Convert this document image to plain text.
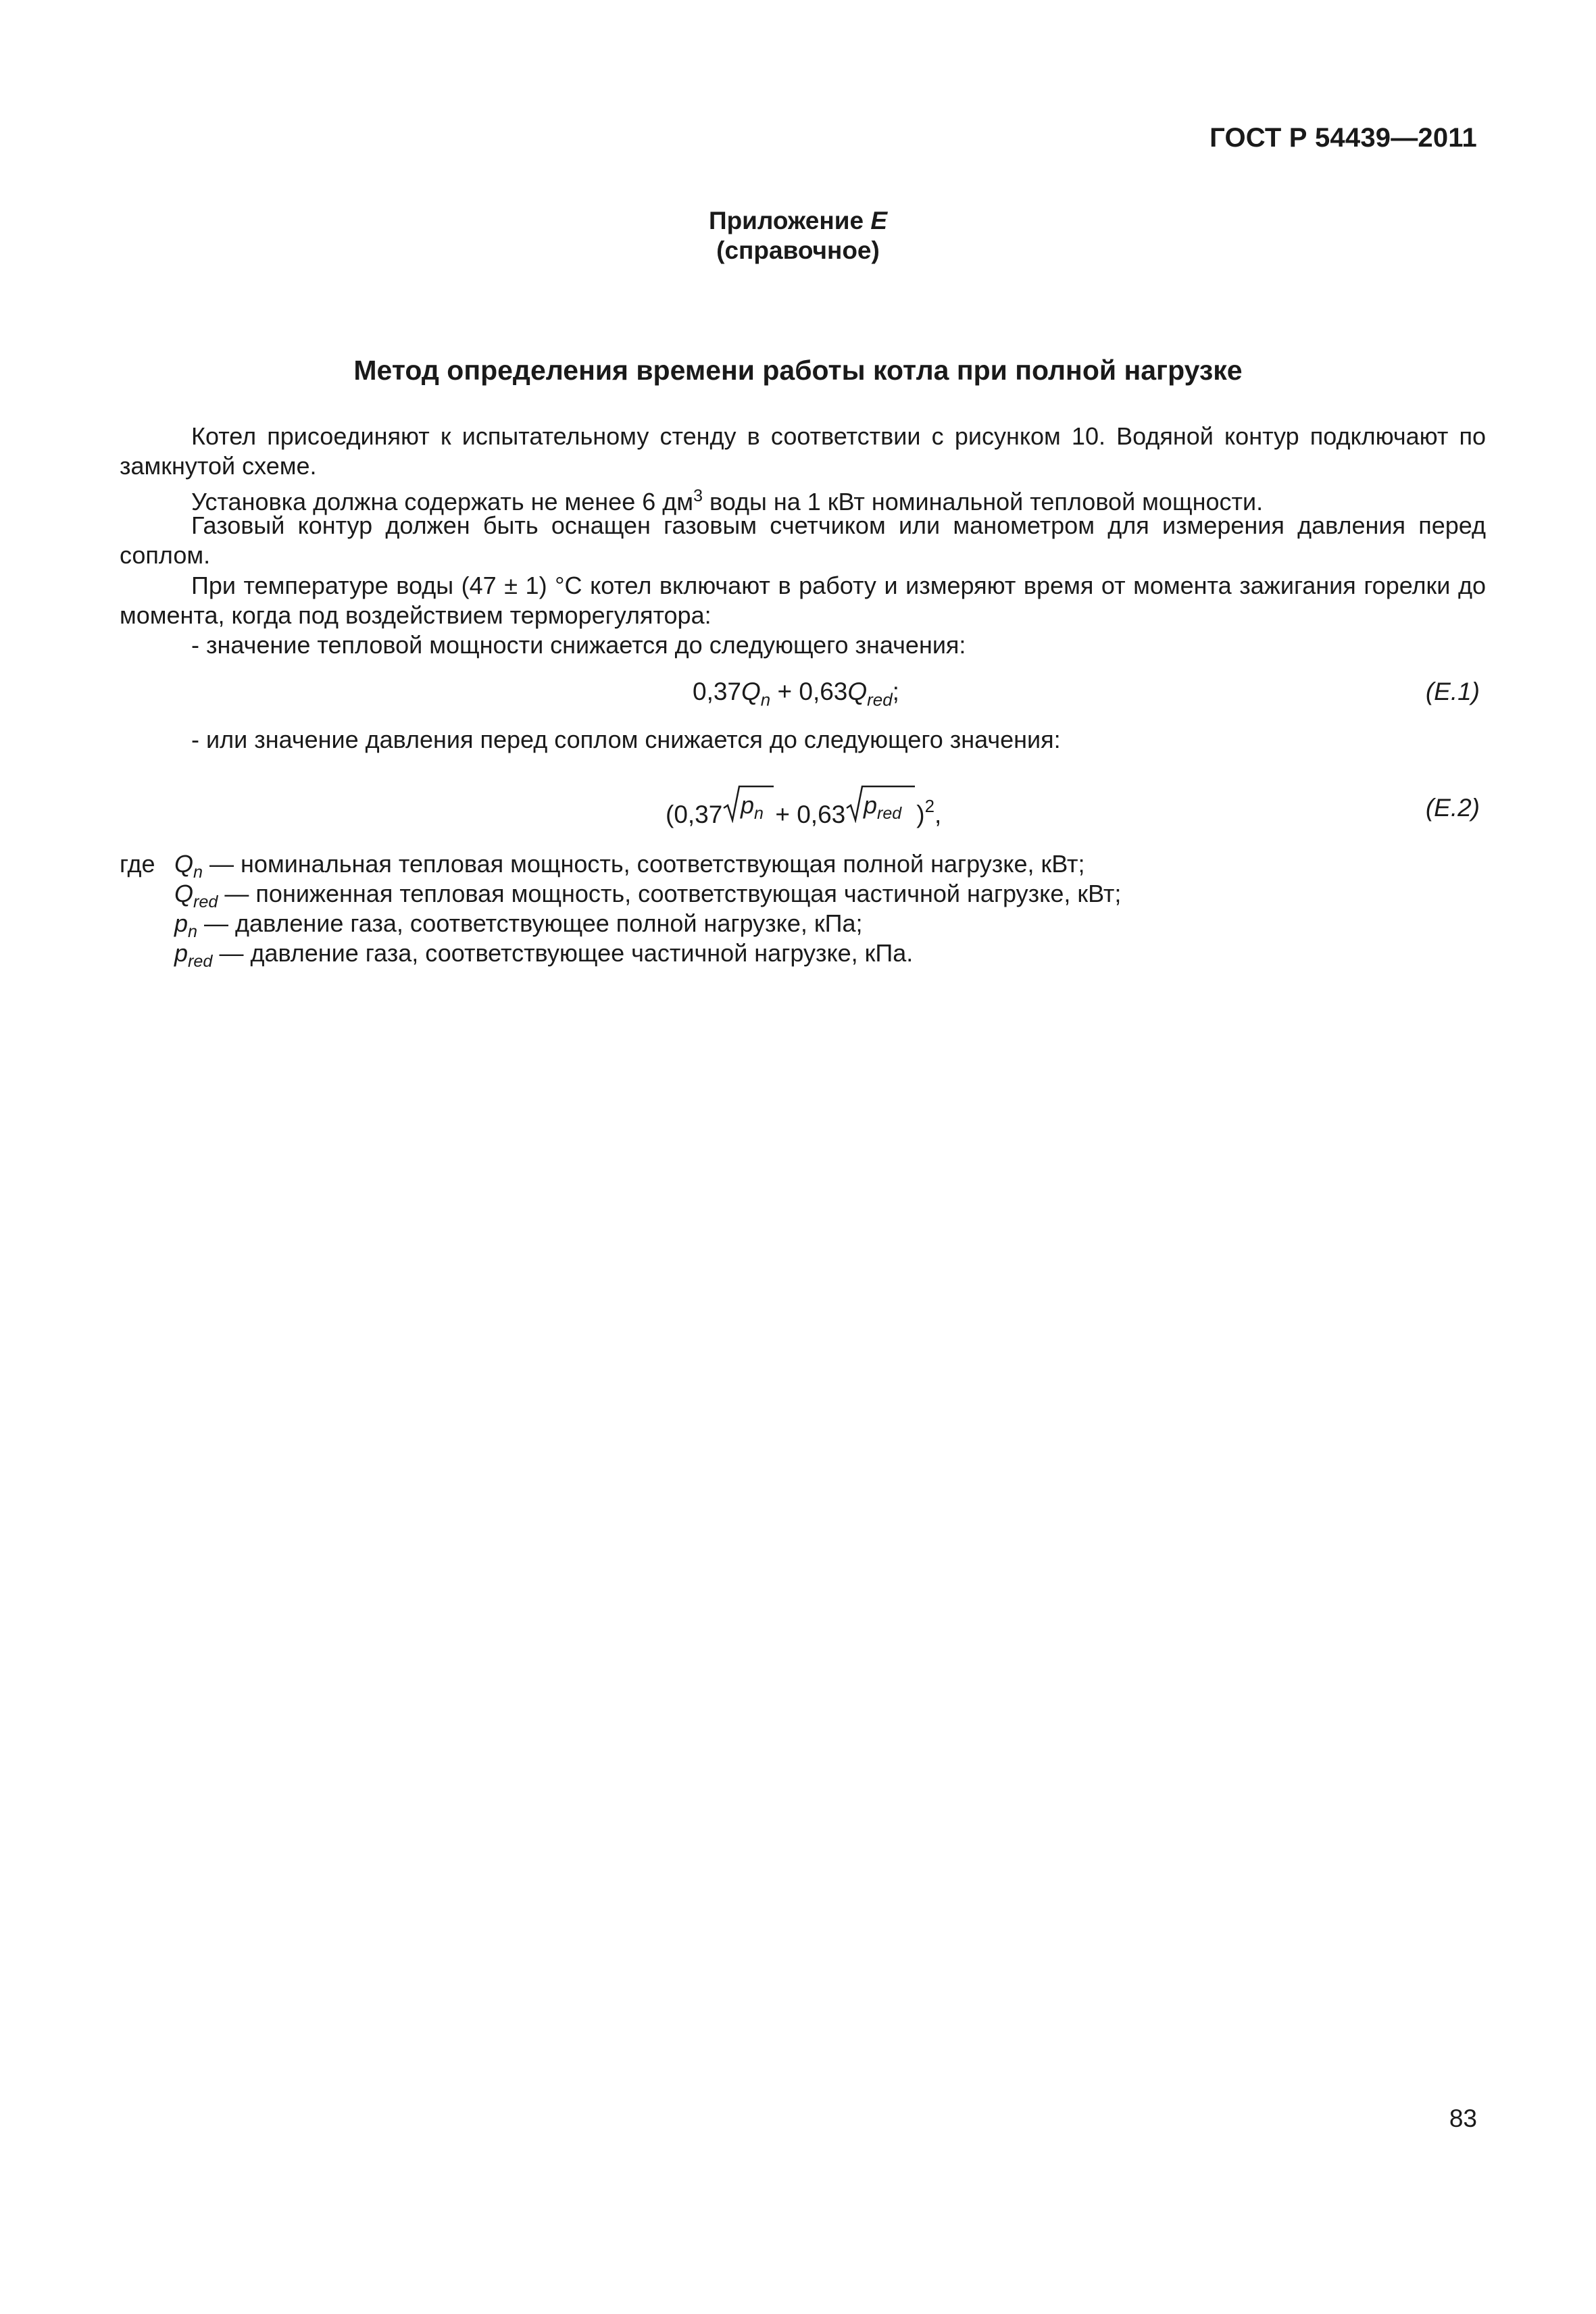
ГОСТ Р 54439—2011
Приложение Е
(справочное)
Метод определения времени работы котла при полной нагрузке
Котел присоединяют к испытательному стенду в соответствии с рисунком 10. Водяной контур подключают по замкнутой схеме.
Установка должна содержать не менее 6 $дм^3$ воды на 1 кВт номинальной тепловой мощности.
Газовый контур должен быть оснащен газовым счетчиком или манометром для измерения давления перед соплом.
При температуре воды (47 ± 1) °С котел включают в работу и измеряют время от момента зажигания горелки до момента, когда под воздействием терморегулятора:
- значение тепловой мощности снижается до следующего значения:
$0,37Q_n + 0,63Q_{red}$;	(Е.1)
- или значение давления перед соплом снижается до следующего значения:
(0,37 p n + 0,63 p red )$^2$ ,	(Е.2)
где $Q_n$ — номинальная тепловая мощность, соответствующая полной нагрузке, кВт;
$Q_{red}$ — пониженная тепловая мощность, соответствующая частичной нагрузке, кВт;
$p_n$ — давление газа, соответствующее полной нагрузке, кПа;
$p_{red}$ — давление газа, соответствующее частичной нагрузке, кПа.
83
